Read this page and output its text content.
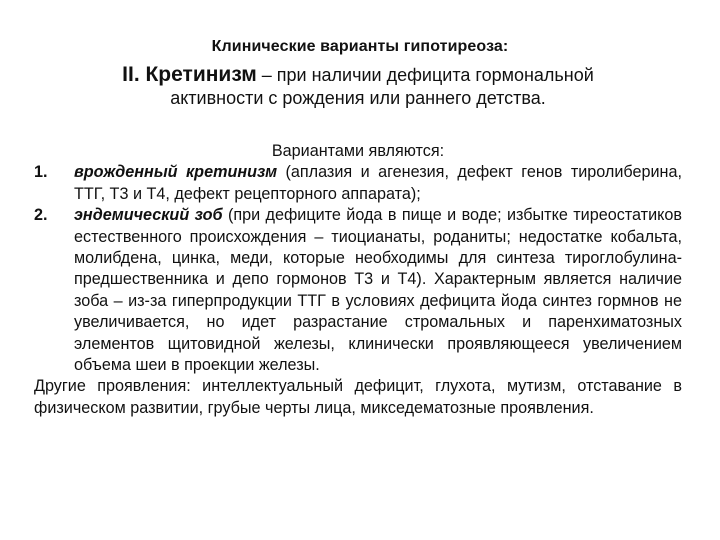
Клинические варианты гипотиреоза:
II. Кретинизм – при наличии дефицита гормональной
активности с рождения или раннего детства.
Вариантами являются:
1.	врожденный кретинизм (аплазия и агенезия, дефект генов тиролиберина, ТТГ, Т3 и Т4, дефект рецепторного аппарата);
2.	эндемический зоб (при дефиците йода в пище и воде; избытке тиреостатиков естественного происхождения – тиоцианаты, роданиты; недостатке кобальта, молибдена, цинка, меди, которые необходимы для синтеза тироглобулина-предшественника и депо гормонов Т3 и Т4). Характерным является наличие зоба – из-за гиперпродукции ТТГ в условиях дефицита йода синтез гормнов не увеличивается, но идет разрастание стромальных и паренхиматозных элементов щитовидной железы, клинически проявляющееся увеличением объема шеи в проекции железы.
Другие проявления: интеллектуальный дефицит, глухота, мутизм, отставание в физическом развитии, грубые черты лица, микседематозные проявления.
